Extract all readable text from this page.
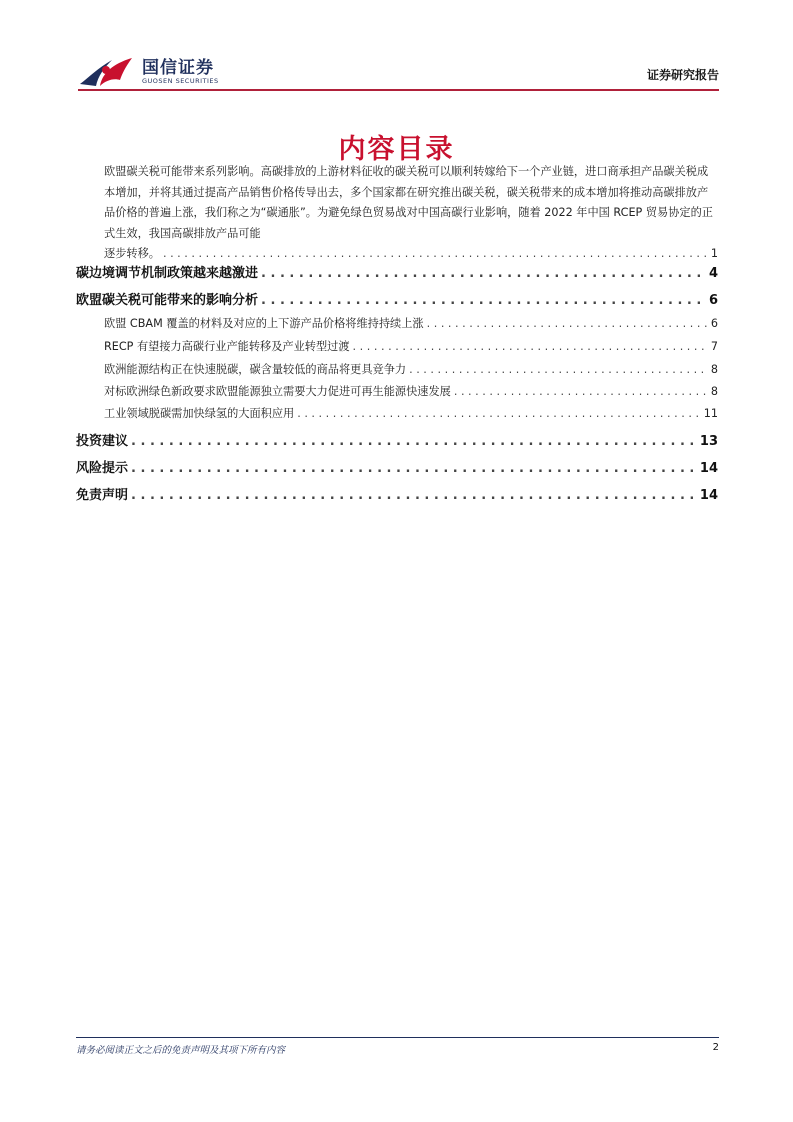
国信证券
GUOSEN SECURITIES	证券研究报告
内容目录
欧盟碳关税可能带来系列影响。高碳排放的上游材料征收的碳关税可以顺利转嫁给下一个产业链，进口商承担产品碳关税成本增加，并将其通过提高产品销售价格传导出去，多个国家都在研究推出碳关税，碳关税带来的成本增加将推动高碳排放产品价格的普遍上涨，我们称之为“碳通胀”。为避免绿色贸易战对中国高碳行业影响，随着 2022 年中国 RCEP 贸易协定的正式生效，我国高碳排放产品可能
逐步转移。 . . .	1
碳边境调节机制政策越来越激进 . . .	4
欧盟碳关税可能带来的影响分析 . . .	6
欧盟 CBAM 覆盖的材料及对应的上下游产品价格将维持持续上涨 . . .	6
RECP 有望接力高碳行业产能转移及产业转型过渡 . . .	7
欧洲能源结构正在快速脱碳，碳含量较低的商品将更具竞争力 . . .	8
对标欧洲绿色新政要求欧盟能源独立需要大力促进可再生能源快速发展 . . .	8
工业领域脱碳需加快绿氢的大面积应用 . . .	11
投资建议 . . .	13
风险提示 . . .	14
免责声明 . . .	14
请务必阅读正文之后的免责声明及其项下所有内容	2
